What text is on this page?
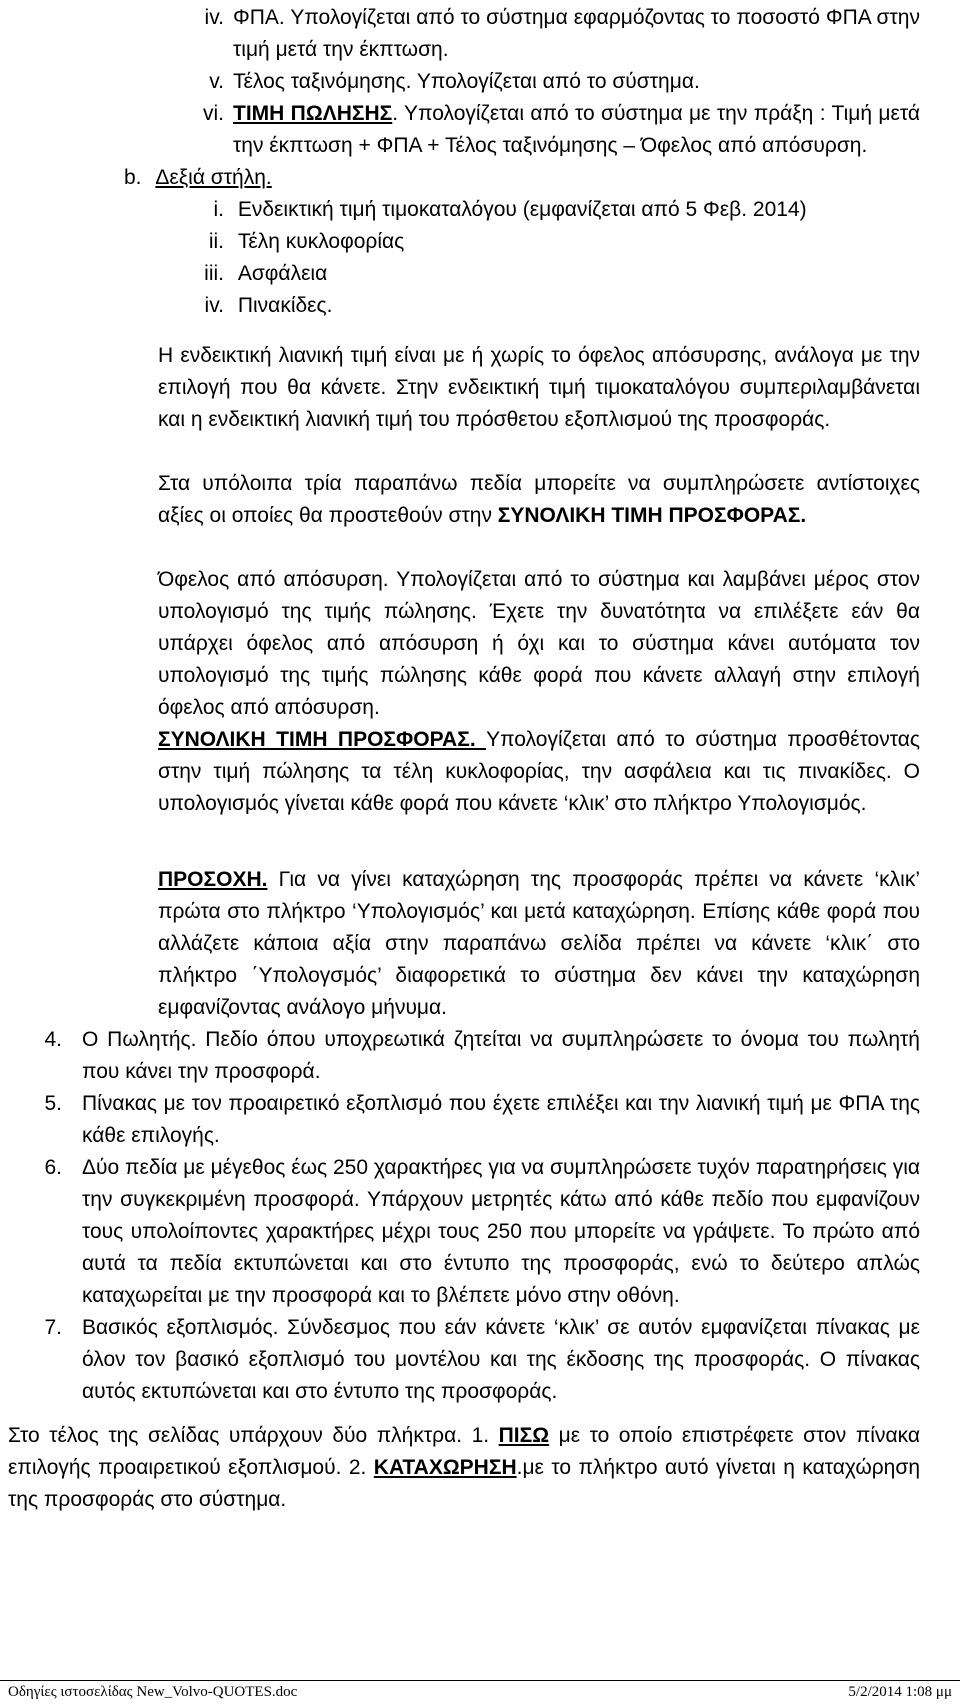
iv. ΦΠΑ. Υπολογίζεται από το σύστημα εφαρμόζοντας το ποσοστό ΦΠΑ στην τιμή μετά την έκπτωση.

v. Τέλος ταξινόμησης. Υπολογίζεται από το σύστημα.

vi. ΤΙΜΗ ΠΩΛΗΣΗΣ. Υπολογίζεται από το σύστημα με την πράξη : Τιμή μετά την έκπτωση + ΦΠΑ + Τέλος ταξινόμησης – Όφελος από απόσυρση.

b. Δεξιά στήλη.
i. Ενδεικτική τιμή τιμοκαταλόγου (εμφανίζεται από 5 Φεβ. 2014)
ii. Τέλη κυκλοφορίας
iii. Ασφάλεια
iv. Πινακίδες.

Η ενδεικτική λιανική τιμή είναι με ή χωρίς το όφελος απόσυρσης, ανάλογα με την επιλογή που θα κάνετε. Στην ενδεικτική τιμή τιμοκαταλόγου συμπεριλαμβάνεται και η ενδεικτική λιανική τιμή του πρόσθετου εξοπλισμού της προσφοράς.

Στα υπόλοιπα τρία παραπάνω πεδία μπορείτε να συμπληρώσετε αντίστοιχες αξίες οι οποίες θα προστεθούν στην ΣΥΝΟΛΙΚΗ ΤΙΜΗ ΠΡΟΣΦΟΡΑΣ.

Όφελος από απόσυρση. Υπολογίζεται από το σύστημα και λαμβάνει μέρος στον υπολογισμό της τιμής πώλησης. Έχετε την δυνατότητα να επιλέξετε εάν θα υπάρχει όφελος από απόσυρση ή όχι και το σύστημα κάνει αυτόματα τον υπολογισμό της τιμής πώλησης κάθε φορά που κάνετε αλλαγή στην επιλογή όφελος από απόσυρση.

ΣΥΝΟΛΙΚΗ ΤΙΜΗ ΠΡΟΣΦΟΡΑΣ. Υπολογίζεται από το σύστημα προσθέτοντας στην τιμή πώλησης τα τέλη κυκλοφορίας, την ασφάλεια και τις πινακίδες. Ο υπολογισμός γίνεται κάθε φορά που κάνετε ‘κλικ’ στο πλήκτρο Υπολογισμός.

ΠΡΟΣΟΧΗ. Για να γίνει καταχώρηση της προσφοράς πρέπει να κάνετε ‘κλικ’ πρώτα στο πλήκτρο ‘Υπολογισμός’ και μετά καταχώρηση. Επίσης κάθε φορά που αλλάζετε κάποια αξία στην παραπάνω σελίδα πρέπει να κάνετε ‘κλικ΄ στο πλήκτρο ΄Υπολογσμός’ διαφορετικά το σύστημα δεν κάνει την καταχώρηση εμφανίζοντας ανάλογο μήνυμα.

4. Ο Πωλητής. Πεδίο όπου υποχρεωτικά ζητείται να συμπληρώσετε το όνομα του πωλητή που κάνει την προσφορά.

5. Πίνακας με τον προαιρετικό εξοπλισμό που έχετε επιλέξει και την λιανική τιμή με ΦΠΑ της κάθε επιλογής.

6. Δύο πεδία με μέγεθος έως 250 χαρακτήρες για να συμπληρώσετε τυχόν παρατηρήσεις για την συγκεκριμένη προσφορά. Υπάρχουν μετρητές κάτω από κάθε πεδίο που εμφανίζουν τους υπολοίποντες χαρακτήρες μέχρι τους 250 που μπορείτε να γράψετε. Το πρώτο από αυτά τα πεδία εκτυπώνεται και στο έντυπο της προσφοράς, ενώ το δεύτερο απλώς καταχωρείται με την προσφορά και το βλέπετε μόνο στην οθόνη.

7. Βασικός εξοπλισμός. Σύνδεσμος που εάν κάνετε ‘κλικ’ σε αυτόν εμφανίζεται πίνακας με όλον τον βασικό εξοπλισμό του μοντέλου και της έκδοσης της προσφοράς. Ο πίνακας αυτός εκτυπώνεται και στο έντυπο της προσφοράς.

Στο τέλος της σελίδας υπάρχουν δύο πλήκτρα. 1. ΠΙΣΩ με το οποίο επιστρέφετε στον πίνακα επιλογής προαιρετικού εξοπλισμού. 2. ΚΑΤΑΧΩΡΗΣΗ.με το πλήκτρο αυτό γίνεται η καταχώρηση της προσφοράς στο σύστημα.

Οδηγίες ιστοσελίδας New_Volvo-QUOTES.doc	5/2/2014 1:08 μμ
